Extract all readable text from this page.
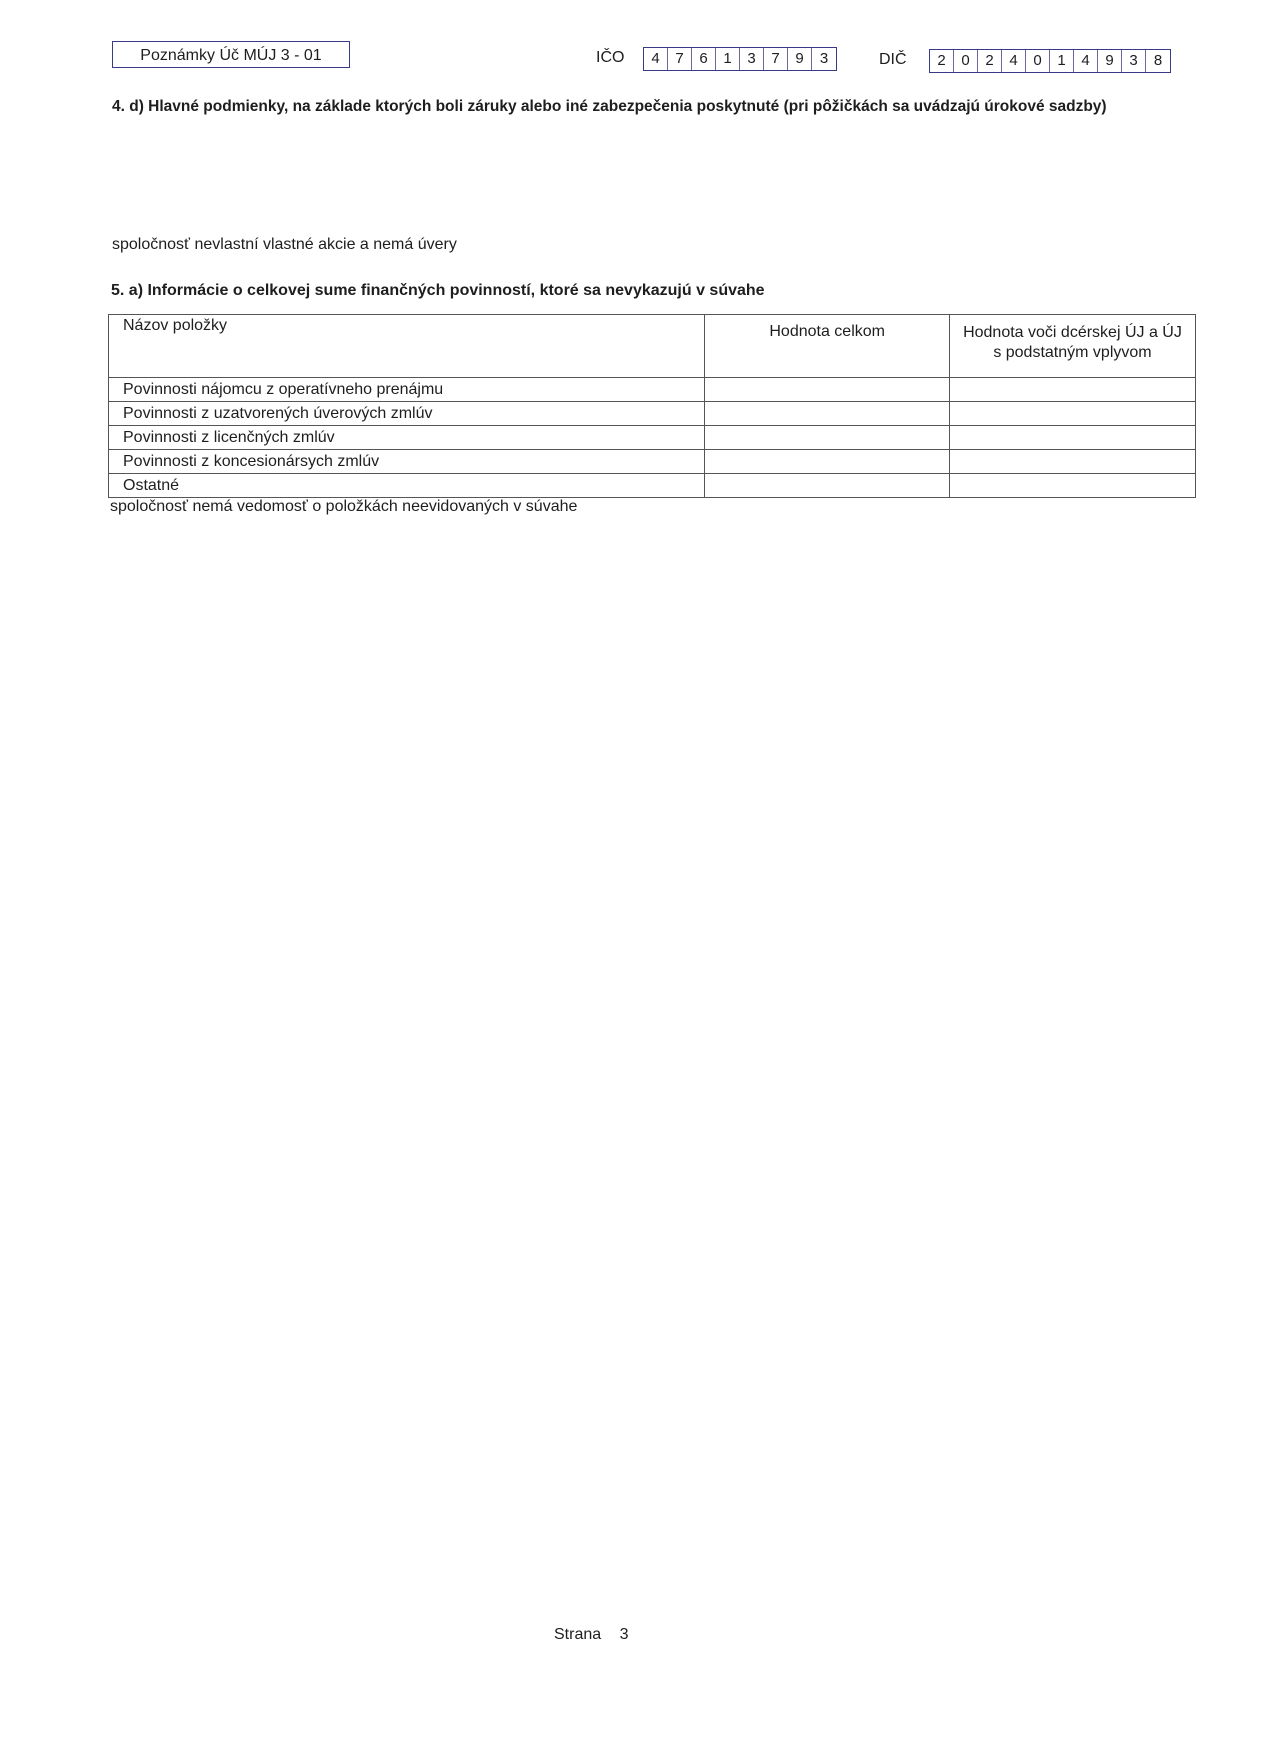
Poznámky Úč MÚJ 3 - 01	IČO	4	7	6	1	3	7	9	3	DIČ	2	0	2	4	0	1	4	9	3	8
4. d) Hlavné podmienky, na základe ktorých boli záruky alebo iné zabezpečenia poskytnuté (pri pôžičkách sa uvádzajú úrokové sadzby)
spoločnosť nevlastní vlastné akcie a nemá úvery
5. a) Informácie o celkovej sume finančných povinností, ktoré sa nevykazujú v súvahe
Názov položky	Hodnota celkom	Hodnota voči dcérskej ÚJ a ÚJ
s podstatným vplyvom

Povinnosti nájomcu z operatívneho prenájmu		
Povinnosti z uzatvorených úverových zmlúv		
Povinnosti z licenčných zmlúv		
Povinnosti z koncesionársych zmlúv		
Ostatné		
spoločnosť nemá vedomosť o položkách neevidovaných v súvahe
Strana 3
